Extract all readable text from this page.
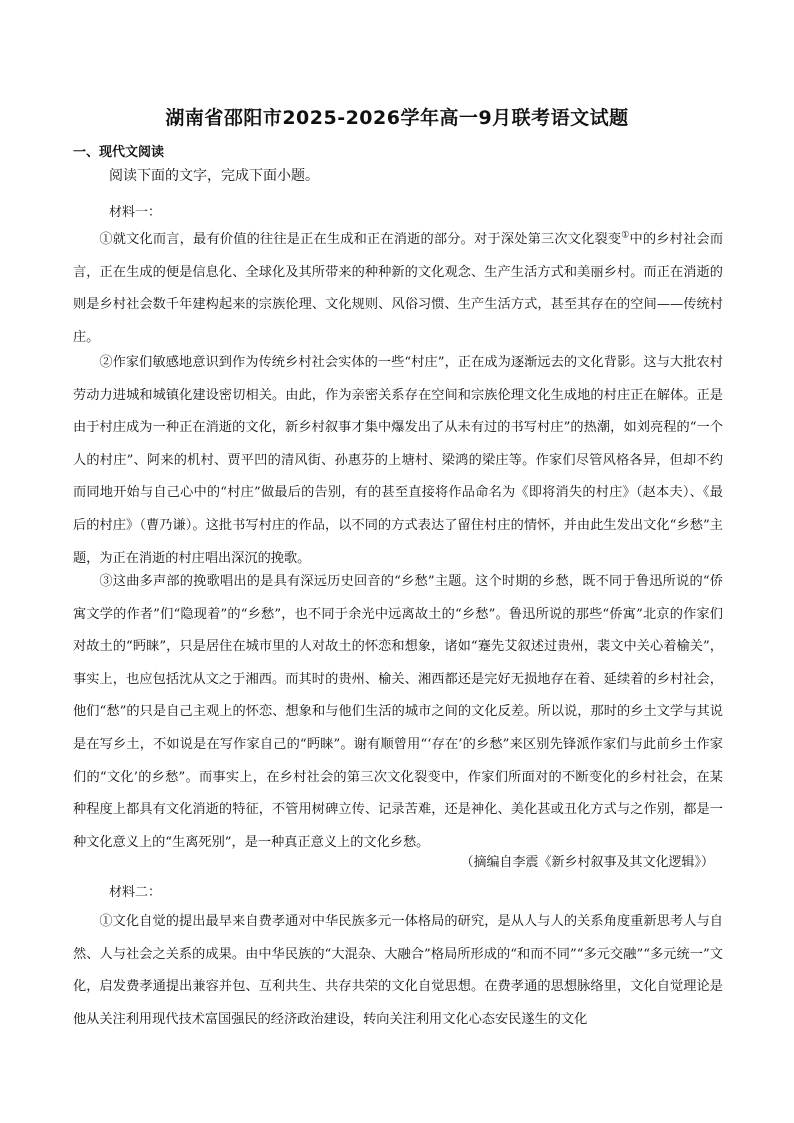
湖南省邵阳市2025-2026学年高一9月联考语文试题
一、现代文阅读
阅读下面的文字，完成下面小题。
材料一：

①就文化而言，最有价值的往往是正在生成和正在消逝的部分。对于深处第三次文化裂变①中的乡村社会而言，正在生成的便是信息化、全球化及其所带来的种种新的文化观念、生产生活方式和美丽乡村。而正在消逝的则是乡村社会数千年建构起来的宗族伦理、文化规则、风俗习惯、生产生活方式，甚至其存在的空间——传统村庄。

②作家们敏感地意识到作为传统乡村社会实体的一些“村庄”，正在成为逐渐远去的文化背影。这与大批农村劳动力进城和城镇化建设密切相关。由此，作为亲密关系存在空间和宗族伦理文化生成地的村庄正在解体。正是由于村庄成为一种正在消逝的文化，新乡村叙事才集中爆发出了从未有过的书写村庄”的热潮，如刘亮程的“一个人的村庄”、阿来的机村、贾平凹的清风街、孙惠芬的上塘村、梁鸿的梁庄等。作家们尽管风格各异，但却不约而同地开始与自己心中的“村庄”做最后的告别，有的甚至直接将作品命名为《即将消失的村庄》（赵本夫）、《最后的村庄》（曹乃谦）。这批书写村庄的作品，以不同的方式表达了留住村庄的情怀，并由此生发出文化“乡愁”主题，为正在消逝的村庄唱出深沉的挽歌。

③这曲多声部的挽歌唱出的是具有深远历史回音的“乡愁”主题。这个时期的乡愁，既不同于鲁迅所说的“侨寓文学的作者”们“隐现着”的“乡愁”，也不同于余光中远离故土的“乡愁”。鲁迅所说的那些“侨寓”北京的作家们对故土的“眄睐”，只是居住在城市里的人对故土的怀恋和想象，诸如“蹇先艾叙述过贵州，裴文中关心着榆关”，事实上，也应包括沈从文之于湘西。而其时的贵州、榆关、湘西都还是完好无损地存在着、延续着的乡村社会，他们“愁”的只是自己主观上的怀恋、想象和与他们生活的城市之间的文化反差。所以说，那时的乡土文学与其说是在写乡土，不如说是在写作家自己的“眄睐”。谢有顺曾用“‘存在’的乡愁”来区别先锋派作家们与此前乡土作家们的“文化’的乡愁”。而事实上，在乡村社会的第三次文化裂变中，作家们所面对的不断变化的乡村社会，在某种程度上都具有文化消逝的特征，不管用树碑立传、记录苦难，还是神化、美化甚或丑化方式与之作别，都是一种文化意义上的“生离死别”，是一种真正意义上的文化乡愁。

（摘编自李震《新乡村叙事及其文化逻辑》）
材料二：

①文化自觉的提出最早来自费孝通对中华民族多元一体格局的研究，是从人与人的关系角度重新思考人与自然、人与社会之关系的成果。由中华民族的“大混杂、大融合”格局所形成的“和而不同”“多元交融”“多元统一”文化，启发费孝通提出兼容并包、互利共生、共存共荣的文化自觉思想。在费孝通的思想脉络里，文化自觉理论是他从关注利用现代技术富国强民的经济政治建设，转向关注利用文化心态安民遂生的文化
